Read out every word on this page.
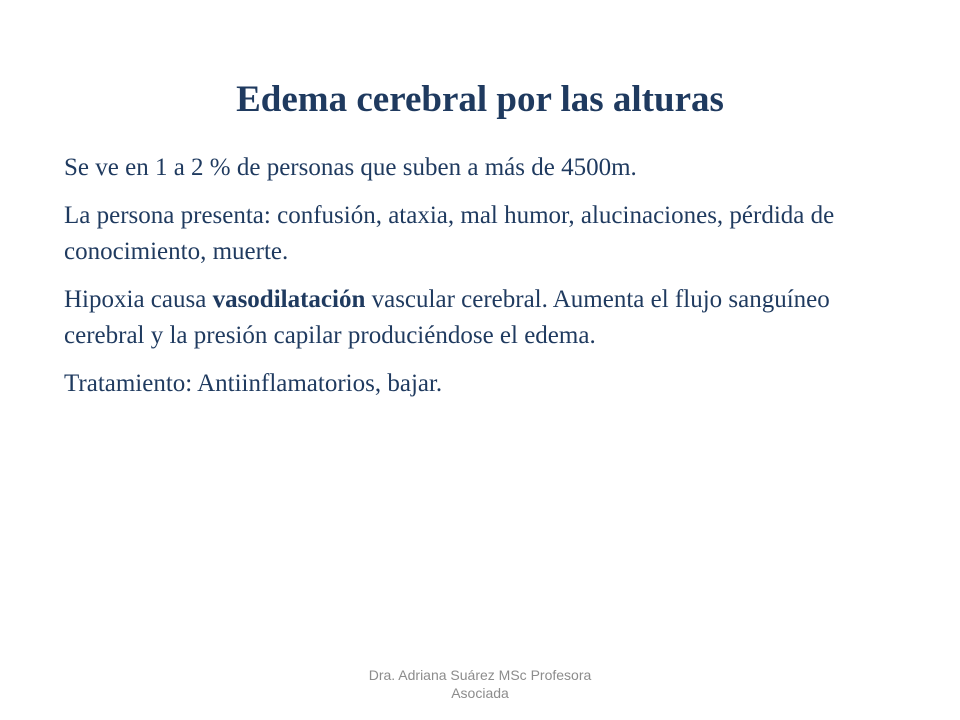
Edema cerebral por las alturas

Se ve en 1 a 2 % de personas que suben a más de 4500m.

La persona presenta: confusión, ataxia, mal humor, alucinaciones, pérdida de conocimiento, muerte.

Hipoxia causa vasodilatación vascular cerebral. Aumenta el flujo sanguíneo cerebral y la presión capilar produciéndose el edema.

Tratamiento: Antiinflamatorios, bajar.

Dra. Adriana Suárez MSc Profesora
Asociada
